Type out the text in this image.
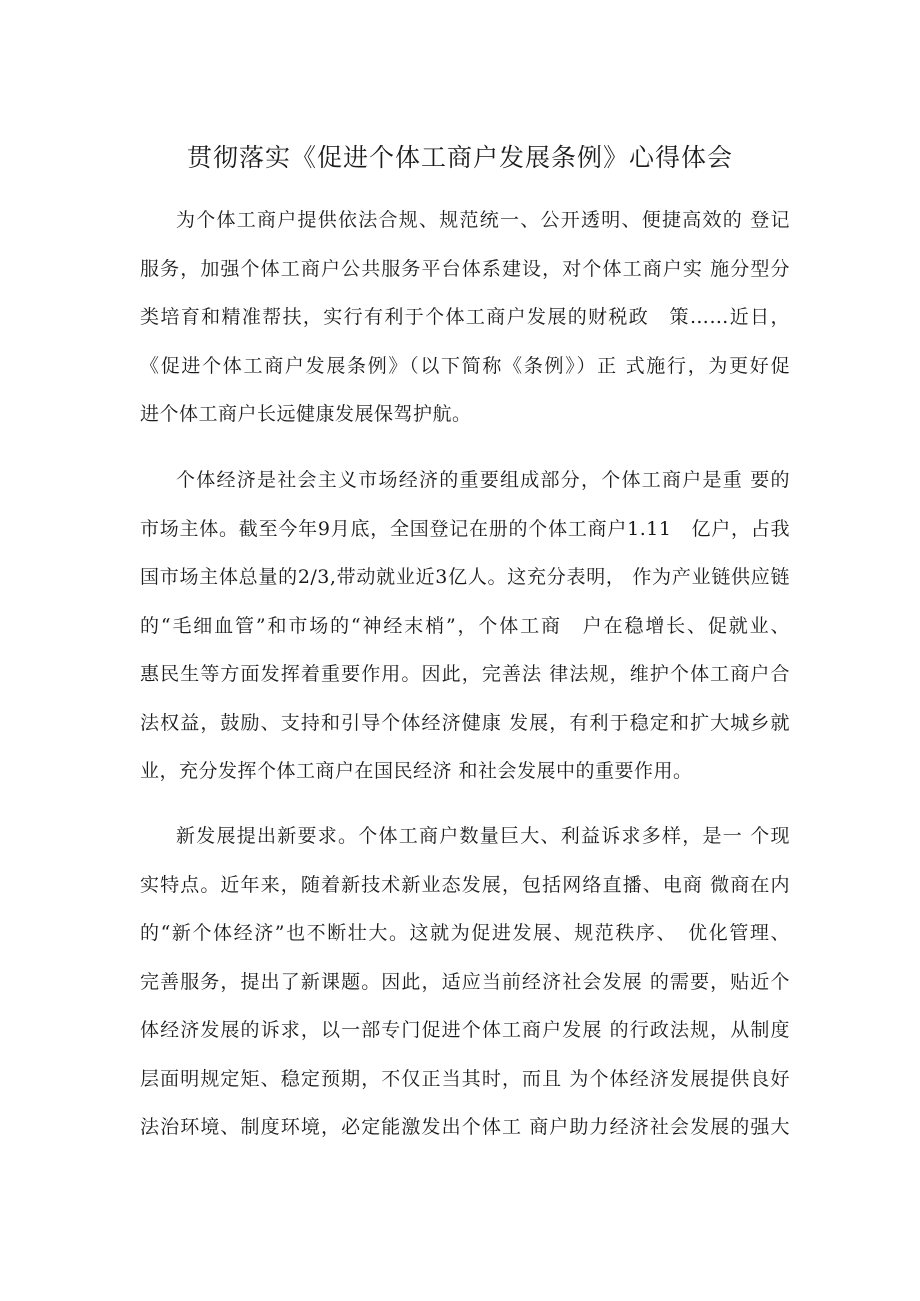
贯彻落实《促进个体工商户发展条例》心得体会
为个体工商户提供依法合规、规范统一、公开透明、便捷高效的 登记
服务，加强个体工商户公共服务平台体系建设，对个体工商户实 施分型分
类培育和精准帮扶，实行有利于个体工商户发展的财税政　策……近日，
《促进个体工商户发展条例》（以下简称《条例》）正 式施行，为更好促
进个体工商户长远健康发展保驾护航。
个体经济是社会主义市场经济的重要组成部分，个体工商户是重 要的
市场主体。截至今年9月底，全国登记在册的个体工商户1.11　亿户，占我
国市场主体总量的2/3,带动就业近3亿人。这充分表明， 作为产业链供应链
的“毛细血管”和市场的“神经末梢”，个体工商　户在稳增长、促就业、
惠民生等方面发挥着重要作用。因此，完善法 律法规，维护个体工商户合
法权益，鼓励、支持和引导个体经济健康 发展，有利于稳定和扩大城乡就
业，充分发挥个体工商户在国民经济 和社会发展中的重要作用。
新发展提出新要求。个体工商户数量巨大、利益诉求多样，是一 个现
实特点。近年来，随着新技术新业态发展，包括网络直播、电商 微商在内
的“新个体经济”也不断壮大。这就为促进发展、规范秩序、　优化管理、
完善服务，提出了新课题。因此，适应当前经济社会发展 的需要，贴近个
体经济发展的诉求，以一部专门促进个体工商户发展 的行政法规，从制度
层面明规定矩、稳定预期，不仅正当其时，而且 为个体经济发展提供良好
法治环境、制度环境，必定能激发出个体工 商户助力经济社会发展的强大
